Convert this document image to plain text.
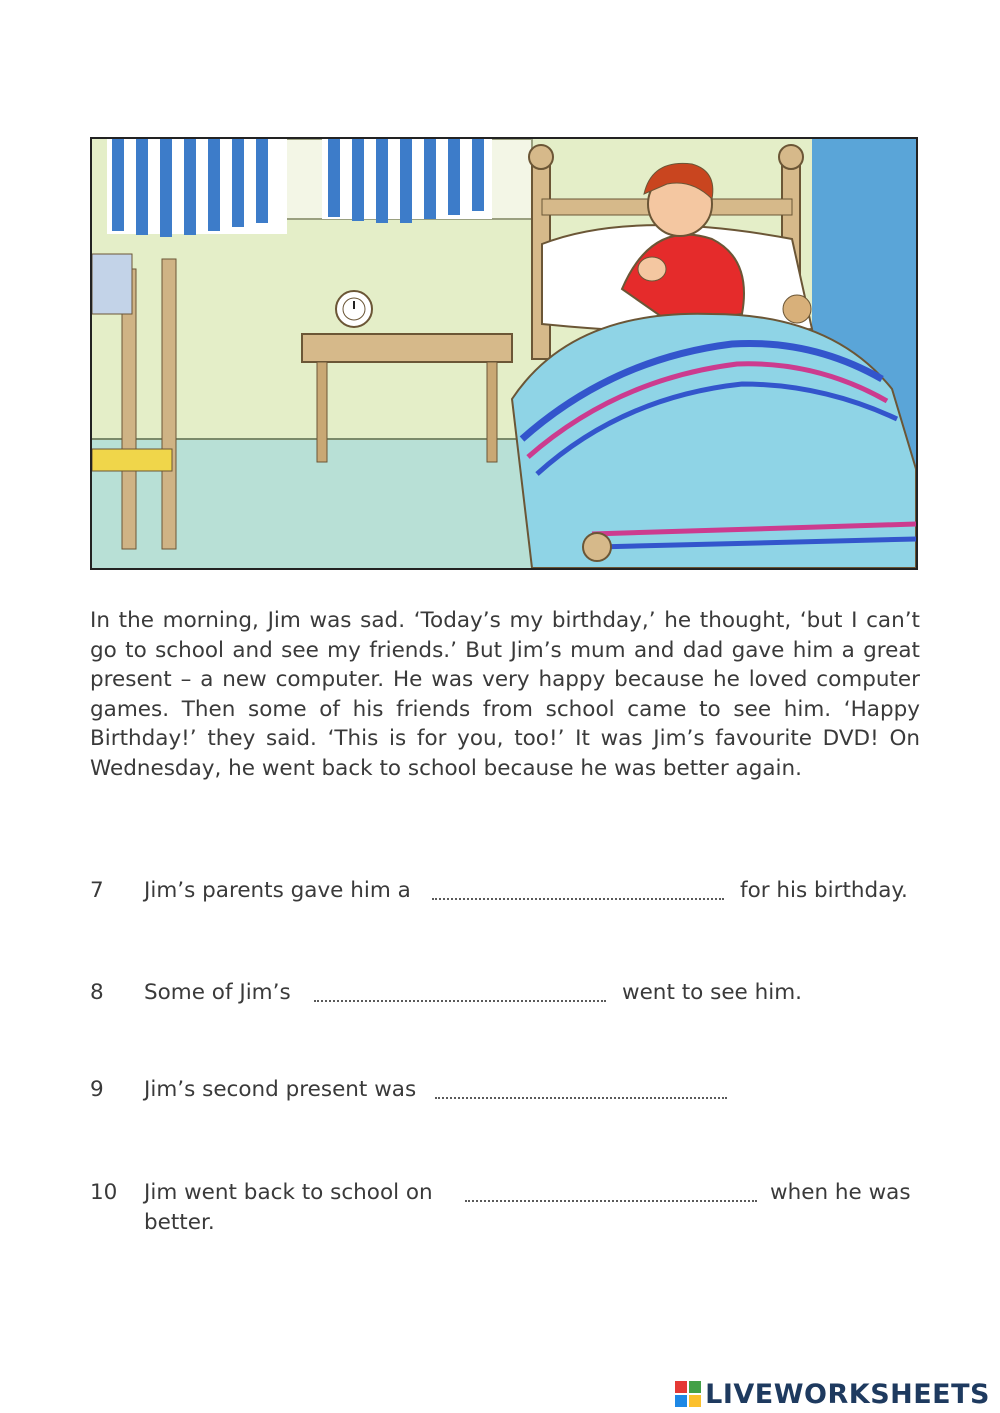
In the morning, Jim was sad. ‘Today’s my birthday,’ he thought, ‘but I can’t go to school and see my friends.’ But Jim’s mum and dad gave him a great present – a new computer. He was very happy because he loved computer games. Then some of his friends from school came to see him. ‘Happy Birthday!’ they said. ‘This is for you, too!’ It was Jim’s favourite DVD! On Wednesday, he went back to school because he was better again.

7 Jim’s parents gave him a	for his birthday.
8 Some of Jim’s	went to see him.
9 Jim’s second present was
10 Jim went back to school on	when he was
better.
LIVEWORKSHEETS
